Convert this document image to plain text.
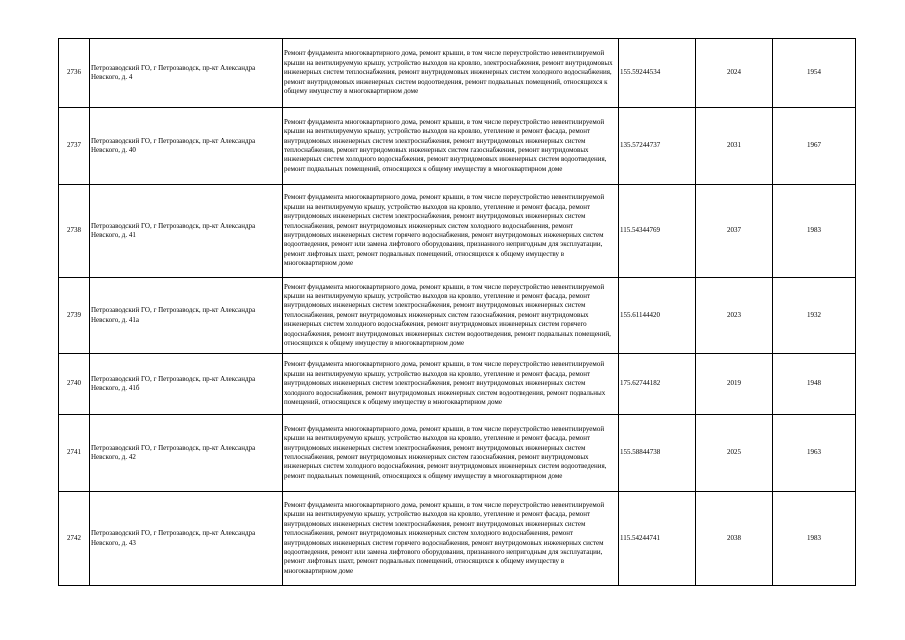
2736	Петрозаводский ГО, г Петрозаводск, пр-кт Александра Невского, д. 4	Ремонт фундамента многоквартирного дома, ремонт крыши, в том числе переустройство невентилируемой крыши на вентилируемую крышу, устройство выходов на кровлю, электроснабжения, ремонт внутридомовых инженерных систем теплоснабжения, ремонт внутридомовых инженерных систем холодного водоснабжения, ремонт внутридомовых инженерных систем водоотведения, ремонт подвальных помещений, относящихся к общему имуществу в многоквартирном доме	155.59244534	2024	1954
2737	Петрозаводский ГО, г Петрозаводск, пр-кт Александра Невского, д. 40	Ремонт фундамента многоквартирного дома, ремонт крыши, в том числе переустройство невентилируемой крыши на вентилируемую крышу, устройство выходов на кровлю, утепление и ремонт фасада, ремонт внутридомовых инженерных систем электроснабжения, ремонт внутридомовых инженерных систем теплоснабжения, ремонт внутридомовых инженерных систем газоснабжения, ремонт внутридомовых инженерных систем холодного водоснабжения, ремонт внутридомовых инженерных систем водоотведения, ремонт подвальных помещений, относящихся к общему имуществу в многоквартирном доме	135.57244737	2031	1967
2738	Петрозаводский ГО, г Петрозаводск, пр-кт Александра Невского, д. 41	Ремонт фундамента многоквартирного дома, ремонт крыши, в том числе переустройство невентилируемой крыши на вентилируемую крышу, устройство выходов на кровлю, утепление и ремонт фасада, ремонт внутридомовых инженерных систем электроснабжения, ремонт внутридомовых инженерных систем теплоснабжения, ремонт внутридомовых инженерных систем холодного водоснабжения, ремонт внутридомовых инженерных систем горячего водоснабжения, ремонт внутридомовых инженерных систем водоотведения, ремонт или замена лифтового оборудования, признанного непригодным для эксплуатации, ремонт лифтовых шахт, ремонт подвальных помещений, относящихся к общему имуществу в многоквартирном доме	115.54344769	2037	1983
2739	Петрозаводский ГО, г Петрозаводск, пр-кт Александра Невского, д. 41а	Ремонт фундамента многоквартирного дома, ремонт крыши, в том числе переустройство невентилируемой крыши на вентилируемую крышу, устройство выходов на кровлю, утепление и ремонт фасада, ремонт внутридомовых инженерных систем электроснабжения, ремонт внутридомовых инженерных систем теплоснабжения, ремонт внутридомовых инженерных систем газоснабжения, ремонт внутридомовых инженерных систем холодного водоснабжения, ремонт внутридомовых инженерных систем горячего водоснабжения, ремонт внутридомовых инженерных систем водоотведения, ремонт подвальных помещений, относящихся к общему имуществу в многоквартирном доме	155.61144420	2023	1932
2740	Петрозаводский ГО, г Петрозаводск, пр-кт Александра Невского, д. 41б	Ремонт фундамента многоквартирного дома, ремонт крыши, в том числе переустройство невентилируемой крыши на вентилируемую крышу, устройство выходов на кровлю, утепление и ремонт фасада, ремонт внутридомовых инженерных систем электроснабжения, ремонт внутридомовых инженерных систем холодного водоснабжения, ремонт внутридомовых инженерных систем водоотведения, ремонт подвальных помещений, относящихся к общему имуществу в многоквартирном доме	175.62744182	2019	1948
2741	Петрозаводский ГО, г Петрозаводск, пр-кт Александра Невского, д. 42	Ремонт фундамента многоквартирного дома, ремонт крыши, в том числе переустройство невентилируемой крыши на вентилируемую крышу, устройство выходов на кровлю, утепление и ремонт фасада, ремонт внутридомовых инженерных систем электроснабжения, ремонт внутридомовых инженерных систем теплоснабжения, ремонт внутридомовых инженерных систем газоснабжения, ремонт внутридомовых инженерных систем холодного водоснабжения, ремонт внутридомовых инженерных систем водоотведения, ремонт подвальных помещений, относящихся к общему имуществу в многоквартирном доме	155.58844738	2025	1963
2742	Петрозаводский ГО, г Петрозаводск, пр-кт Александра Невского, д. 43	Ремонт фундамента многоквартирного дома, ремонт крыши, в том числе переустройство невентилируемой крыши на вентилируемую крышу, устройство выходов на кровлю, утепление и ремонт фасада, ремонт внутридомовых инженерных систем электроснабжения, ремонт внутридомовых инженерных систем теплоснабжения, ремонт внутридомовых инженерных систем холодного водоснабжения, ремонт внутридомовых инженерных систем горячего водоснабжения, ремонт внутридомовых инженерных систем водоотведения, ремонт или замена лифтового оборудования, признанного непригодным для эксплуатации, ремонт лифтовых шахт, ремонт подвальных помещений, относящихся к общему имуществу в многоквартирном доме	115.54244741	2038	1983
